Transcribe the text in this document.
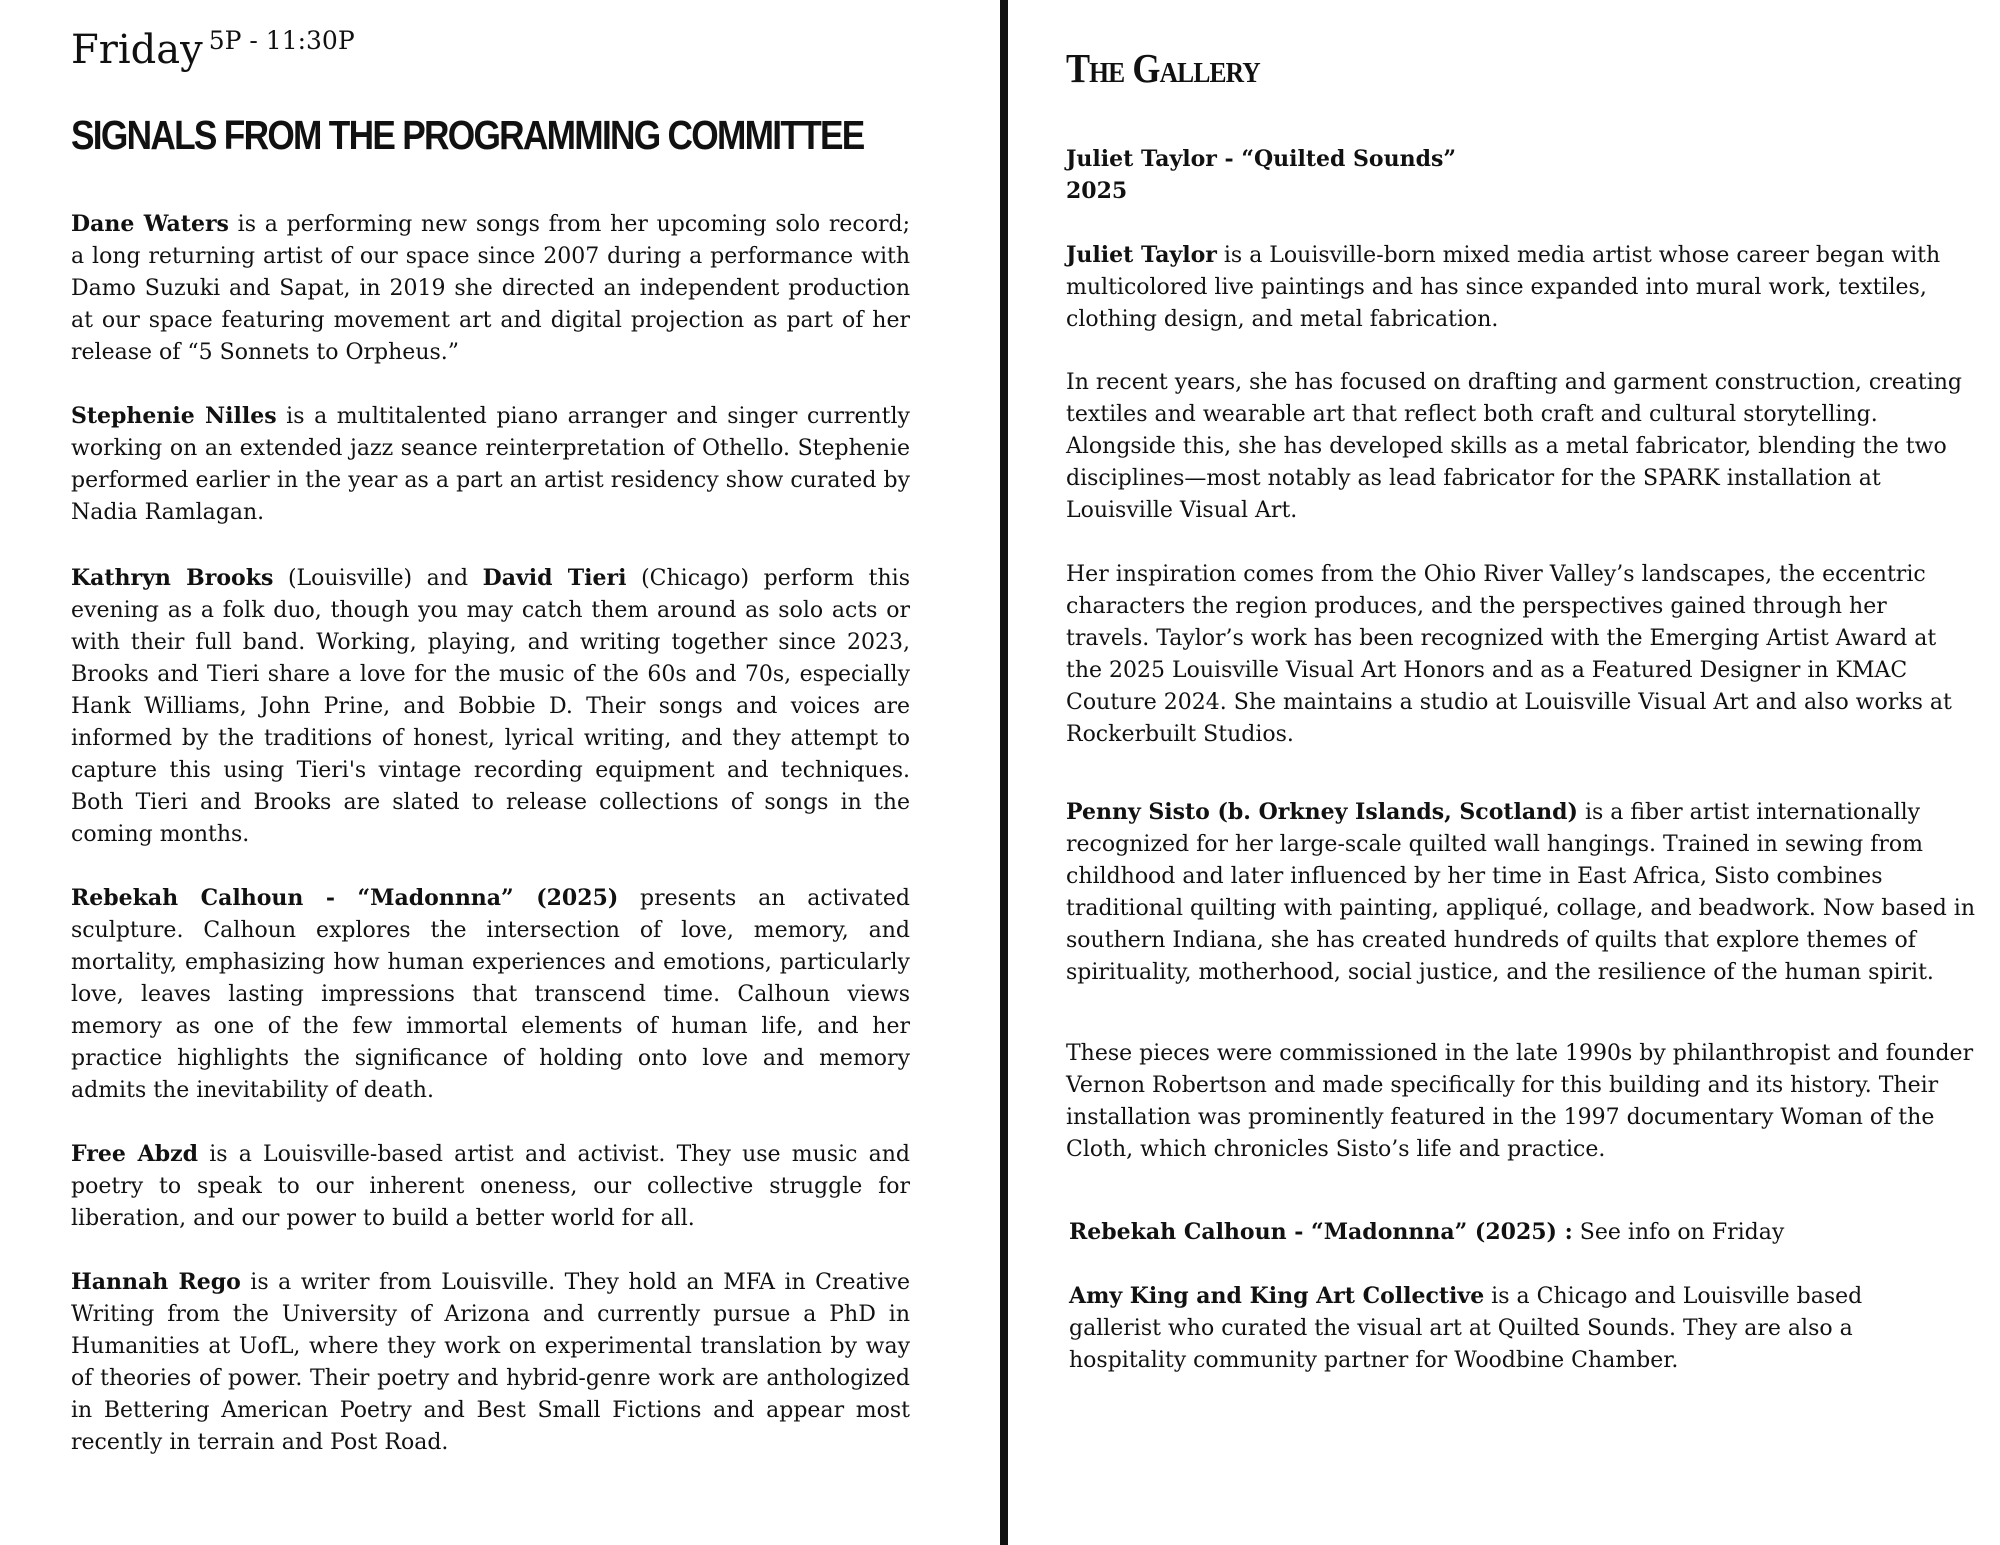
Friday 5P - 11:30P
SIGNALS FROM THE PROGRAMMING COMMITTEE

Dane Waters is a performing new songs from her upcoming solo record; a long returning artist of our space since 2007 during a performance with Damo Suzuki and Sapat, in 2019 she directed an independent production at our space featuring movement art and digital projection as part of her release of “5 Sonnets to Orpheus.”

Stephenie Nilles is a multitalented piano arranger and singer currently working on an extended jazz seance reinterpretation of Othello. Stephenie performed earlier in the year as a part an artist residency show curated by Nadia Ramlagan.

Kathryn Brooks (Louisville) and David Tieri (Chicago) perform this evening as a folk duo, though you may catch them around as solo acts or with their full band. Working, playing, and writing together since 2023, Brooks and Tieri share a love for the music of the 60s and 70s, especially Hank Williams, John Prine, and Bobbie D. Their songs and voices are informed by the traditions of honest, lyrical writing, and they attempt to capture this using Tieri's vintage recording equipment and techniques. Both Tieri and Brooks are slated to release collections of songs in the coming months.

Rebekah Calhoun - “Madonnna” (2025) presents an activated sculpture. Calhoun explores the intersection of love, memory, and mortality, emphasizing how human experiences and emotions, particularly love, leaves lasting impressions that transcend time. Calhoun views memory as one of the few immortal elements of human life, and her practice highlights the significance of holding onto love and memory admits the inevitability of death.

Free Abzd is a Louisville-based artist and activist. They use music and poetry to speak to our inherent oneness, our collective struggle for liberation, and our power to build a better world for all.

Hannah Rego is a writer from Louisville. They hold an MFA in Creative Writing from the University of Arizona and currently pursue a PhD in Humanities at UofL, where they work on experimental translation by way of theories of power. Their poetry and hybrid-genre work are anthologized in Bettering American Poetry and Best Small Fictions and appear most recently in terrain and Post Road.

The Gallery
Juliet Taylor - “Quilted Sounds”
2025

Juliet Taylor is a Louisville-born mixed media artist whose career began with multicolored live paintings and has since expanded into mural work, textiles, clothing design, and metal fabrication.

In recent years, she has focused on drafting and garment construction, creating textiles and wearable art that reflect both craft and cultural storytelling. Alongside this, she has developed skills as a metal fabricator, blending the two disciplines—most notably as lead fabricator for the SPARK installation at Louisville Visual Art.

Her inspiration comes from the Ohio River Valley’s landscapes, the eccentric characters the region produces, and the perspectives gained through her travels. Taylor’s work has been recognized with the Emerging Artist Award at the 2025 Louisville Visual Art Honors and as a Featured Designer in KMAC Couture 2024. She maintains a studio at Louisville Visual Art and also works at Rockerbuilt Studios.

Penny Sisto (b. Orkney Islands, Scotland) is a fiber artist internationally recognized for her large-scale quilted wall hangings. Trained in sewing from childhood and later influenced by her time in East Africa, Sisto combines traditional quilting with painting, appliqué, collage, and beadwork. Now based in southern Indiana, she has created hundreds of quilts that explore themes of spirituality, motherhood, social justice, and the resilience of the human spirit.

These pieces were commissioned in the late 1990s by philanthropist and founder Vernon Robertson and made specifically for this building and its history. Their installation was prominently featured in the 1997 documentary Woman of the Cloth, which chronicles Sisto’s life and practice.

Rebekah Calhoun - “Madonnna” (2025) : See info on Friday

Amy King and King Art Collective is a Chicago and Louisville based gallerist who curated the visual art at Quilted Sounds. They are also a hospitality community partner for Woodbine Chamber.
